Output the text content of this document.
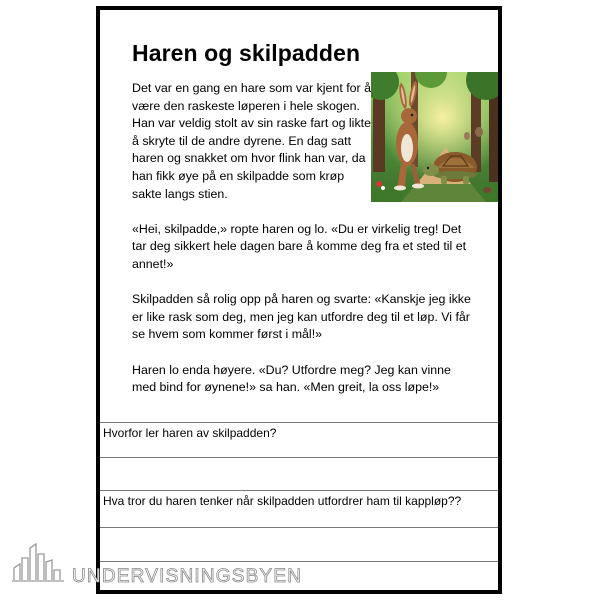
Haren og skilpadden

Det var en gang en hare som var kjent for å være den raskeste løperen i hele skogen. Han var veldig stolt av sin raske fart og likte å skryte til de andre dyrene. En dag satt haren og snakket om hvor flink han var, da han fikk øye på en skilpadde som krøp sakte langs stien.

«Hei, skilpadde,» ropte haren og lo. «Du er virkelig treg! Det tar deg sikkert hele dagen bare å komme deg fra et sted til et annet!»

Skilpadden så rolig opp på haren og svarte: «Kanskje jeg ikke er like rask som deg, men jeg kan utfordre deg til et løp. Vi får se hvem som kommer først i mål!»

Haren lo enda høyere. «Du? Utfordre meg? Jeg kan vinne med bind for øynene!» sa han. «Men greit, la oss løpe!»

Hvorfor ler haren av skilpadden?
Hva tror du haren tenker når skilpadden utfordrer ham til kappløp??
UNDERVISNINGSBYEN
